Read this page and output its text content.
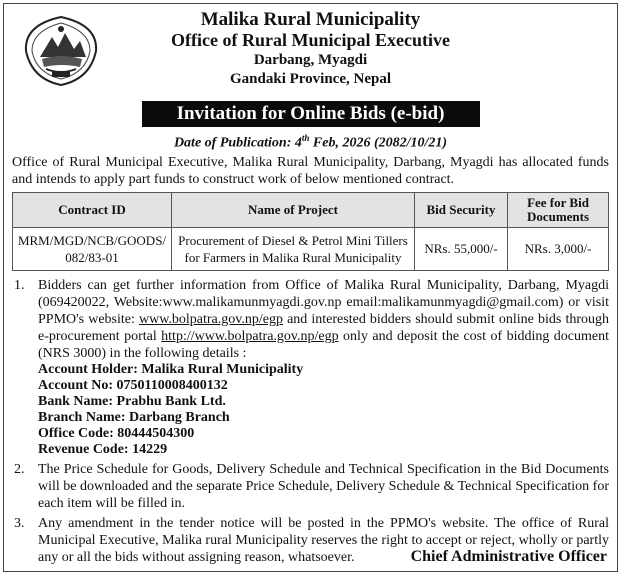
Malika Rural Municipality
Office of Rural Municipal Executive
Darbang, Myagdi
Gandaki Province, Nepal
Invitation for Online Bids (e-bid)
Date of Publication: 4th Feb, 2026 (2082/10/21)
Office of Rural Municipal Executive, Malika Rural Municipality, Darbang, Myagdi has allocated funds and intends to apply part funds to construct work of below mentioned contract.
Contract ID	Name of Project	Bid Security	Fee for Bid Documents
MRM/MGD/NCB/GOODS/ 082/83-01	Procurement of Diesel & Petrol Mini Tillers for Farmers in Malika Rural Municipality	NRs. 55,000/-	NRs. 3,000/-
1. Bidders can get further information from Office of Malika Rural Municipality, Darbang, Myagdi (069420022, Website:www.malikamunmyagdi.gov.np email:malikamunmyagdi@gmail.com) or visit PPMO's website: www.bolpatra.gov.np/egp and interested bidders should submit online bids through e-procurement portal http://www.bolpatra.gov.np/egp only and deposit the cost of bidding document (NRS 3000) in the following details :
Account Holder: Malika Rural Municipality
Account No: 0750110008400132
Bank Name: Prabhu Bank Ltd.
Branch Name: Darbang Branch
Office Code: 80444504300
Revenue Code: 14229
2. The Price Schedule for Goods, Delivery Schedule and Technical Specification in the Bid Documents will be downloaded and the separate Price Schedule, Delivery Schedule & Technical Specification for each item will be filled in.
3. Any amendment in the tender notice will be posted in the PPMO's website. The office of Rural Municipal Executive, Malika rural Municipality reserves the right to accept or reject, wholly or partly any or all the bids without assigning reason, whatsoever.	Chief Administrative Officer
